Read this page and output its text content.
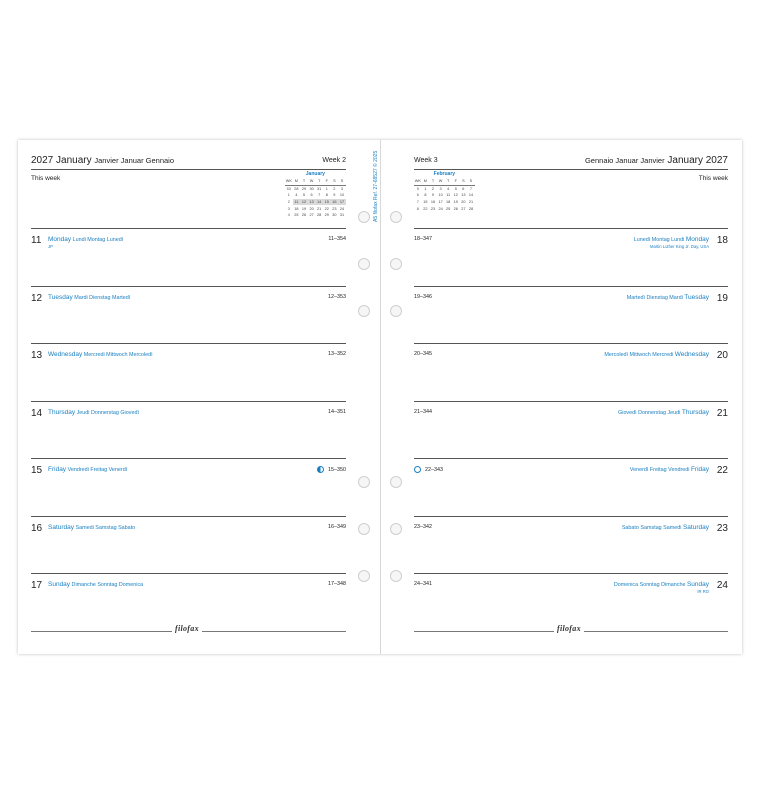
2027 January Janvier Januar Gennaio	Week 2
This week
January
WK	M	T	W	T	F	S	S
53	28	29	30	31	1	2	3
1	4	5	6	7	8	9	10
2	11	12	13	14	15	16	17
3	18	19	20	21	22	23	24
4	25	26	27	28	29	30	31
11 Monday Lundi Montag Lunedì	11–354
JP
12 Tuesday Mardi Dienstag Martedì	12–353
13 Wednesday Mercredi Mittwoch Mercoledì	13–352
14 Thursday Jeudi Donnerstag Giovedì	14–351
15 Friday Vendredi Freitag Venerdì	15–350
16 Saturday Samedi Samstag Sabato	16–349
17 Sunday Dimanche Sonntag Domenica	17–348
filofax
Week 3	Gennaio Januar Janvier January 2027
This week
February
WK	M	T	W	T	F	S	S
5	1	2	3	4	5	6	7
6	8	9	10	11	12	13	14
7	15	16	17	18	19	20	21
8	22	23	24	25	26	27	28
18
Lunedì Montag Lundi Monday
18–347
Martin Luther King Jr. Day, USA
19
Martedì Dienstag Mardi Tuesday
19–346
20
Mercoledì Mittwoch Mercredi Wednesday
20–345
21
Giovedì Donnerstag Jeudi Thursday
21–344
22
Venerdì Freitag Vendredi Friday
22–343
23
Sabato Samstag Samedi Saturday
23–342
24
Domenica Sonntag Dimanche Sunday
24–341
IR RO
filofax
A5 filofax Ref. 27-68527 © 2025
